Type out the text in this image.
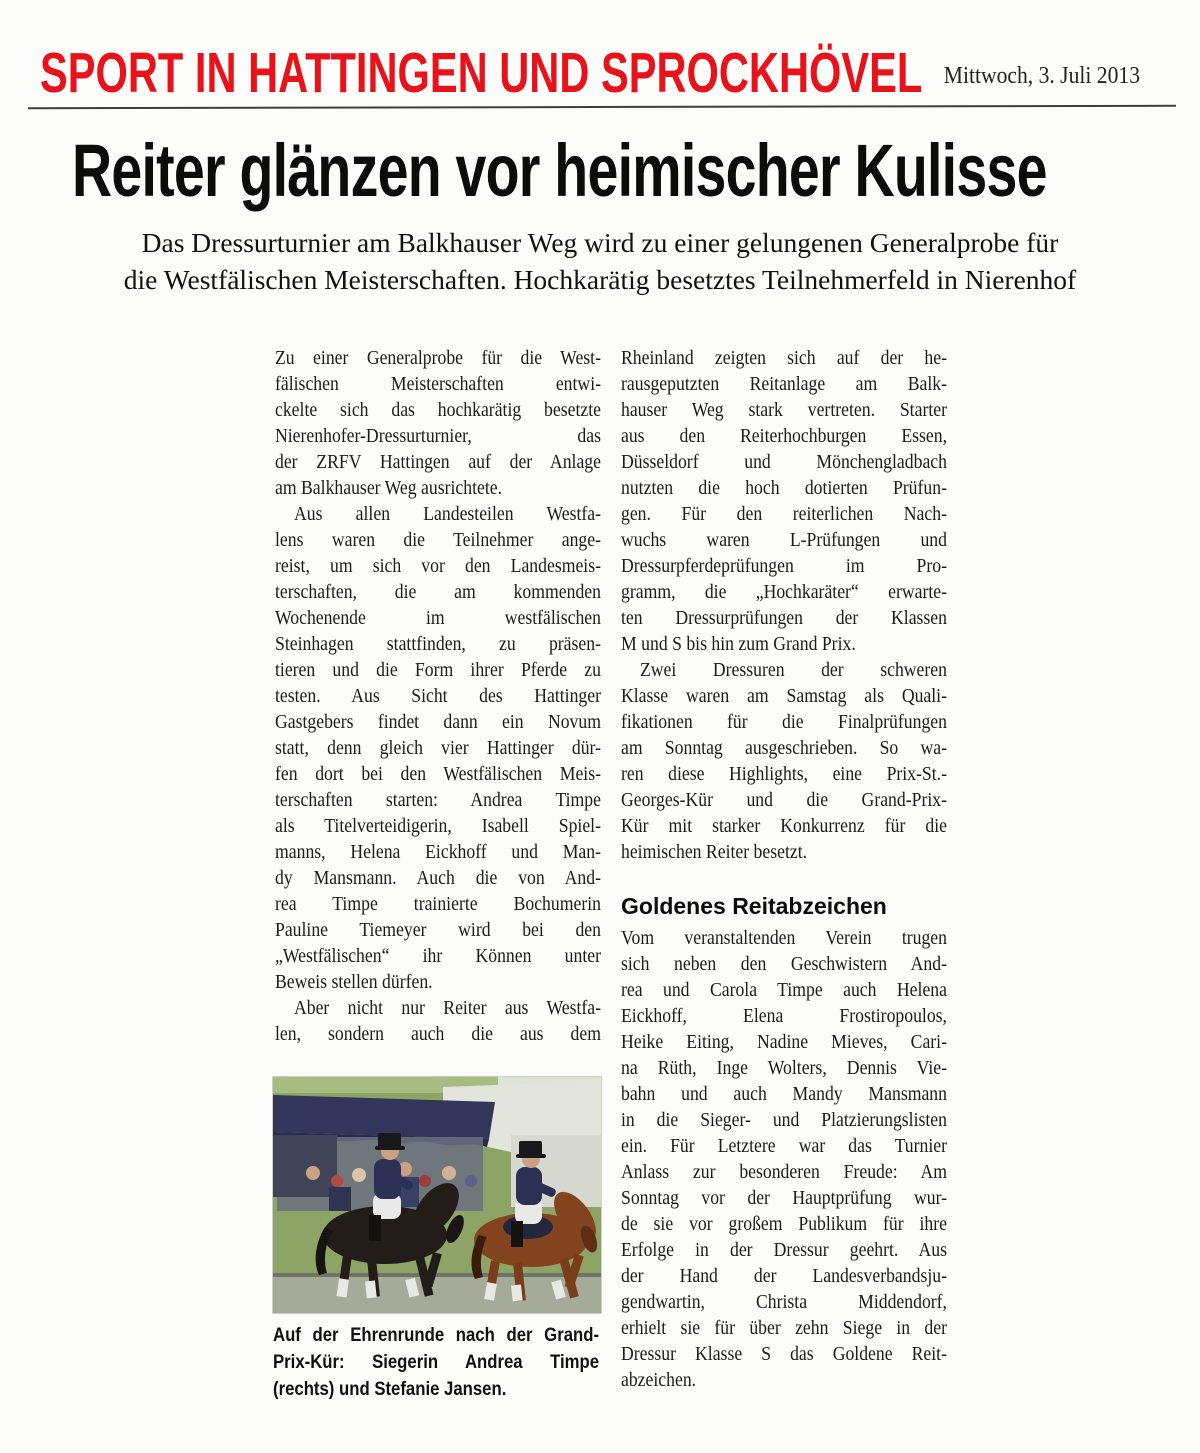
SPORT IN HATTINGEN UND SPROCKHÖVEL Mittwoch, 3. Juli 2013
Reiter glänzen vor heimischer Kulisse
Das Dressurturnier am Balkhauser Weg wird zu einer gelungenen Generalprobe für
die Westfälischen Meisterschaften. Hochkarätig besetztes Teilnehmerfeld in Nierenhof
Zu einer Generalprobe für die West-
fälischen Meisterschaften entwi-
ckelte sich das hochkarätig besetzte
Nierenhofer-Dressurturnier, das
der ZRFV Hattingen auf der Anlage
am Balkhauser Weg ausrichtete.
Aus allen Landesteilen Westfa-
lens waren die Teilnehmer ange-
reist, um sich vor den Landesmeis-
terschaften, die am kommenden
Wochenende im westfälischen
Steinhagen stattfinden, zu präsen-
tieren und die Form ihrer Pferde zu
testen. Aus Sicht des Hattinger
Gastgebers findet dann ein Novum
statt, denn gleich vier Hattinger dür-
fen dort bei den Westfälischen Meis-
terschaften starten: Andrea Timpe
als Titelverteidigerin, Isabell Spiel-
manns, Helena Eickhoff und Man-
dy Mansmann. Auch die von And-
rea Timpe trainierte Bochumerin
Pauline Tiemeyer wird bei den
„Westfälischen“ ihr Können unter
Beweis stellen dürfen.
Aber nicht nur Reiter aus Westfa-
len, sondern auch die aus dem
Rheinland zeigten sich auf der he-
rausgeputzten Reitanlage am Balk-
hauser Weg stark vertreten. Starter
aus den Reiterhochburgen Essen,
Düsseldorf und Mönchengladbach
nutzten die hoch dotierten Prüfun-
gen. Für den reiterlichen Nach-
wuchs waren L-Prüfungen und
Dressurpferdeprüfungen im Pro-
gramm, die „Hochkaräter“ erwarte-
ten Dressurprüfungen der Klassen
M und S bis hin zum Grand Prix.
Zwei Dressuren der schweren
Klasse waren am Samstag als Quali-
fikationen für die Finalprüfungen
am Sonntag ausgeschrieben. So wa-
ren diese Highlights, eine Prix-St.-
Georges-Kür und die Grand-Prix-
Kür mit starker Konkurrenz für die
heimischen Reiter besetzt.
Goldenes Reitabzeichen
Vom veranstaltenden Verein trugen
sich neben den Geschwistern And-
rea und Carola Timpe auch Helena
Eickhoff, Elena Frostiropoulos,
Heike Eiting, Nadine Mieves, Cari-
na Rüth, Inge Wolters, Dennis Vie-
bahn und auch Mandy Mansmann
in die Sieger- und Platzierungslisten
ein. Für Letztere war das Turnier
Anlass zur besonderen Freude: Am
Sonntag vor der Hauptprüfung wur-
de sie vor großem Publikum für ihre
Erfolge in der Dressur geehrt. Aus
der Hand der Landesverbandsju-
gendwartin, Christa Middendorf,
erhielt sie für über zehn Siege in der
Dressur Klasse S das Goldene Reit-
abzeichen.
Auf der Ehrenrunde nach der Grand-
Prix-Kür: Siegerin Andrea Timpe
(rechts) und Stefanie Jansen.
